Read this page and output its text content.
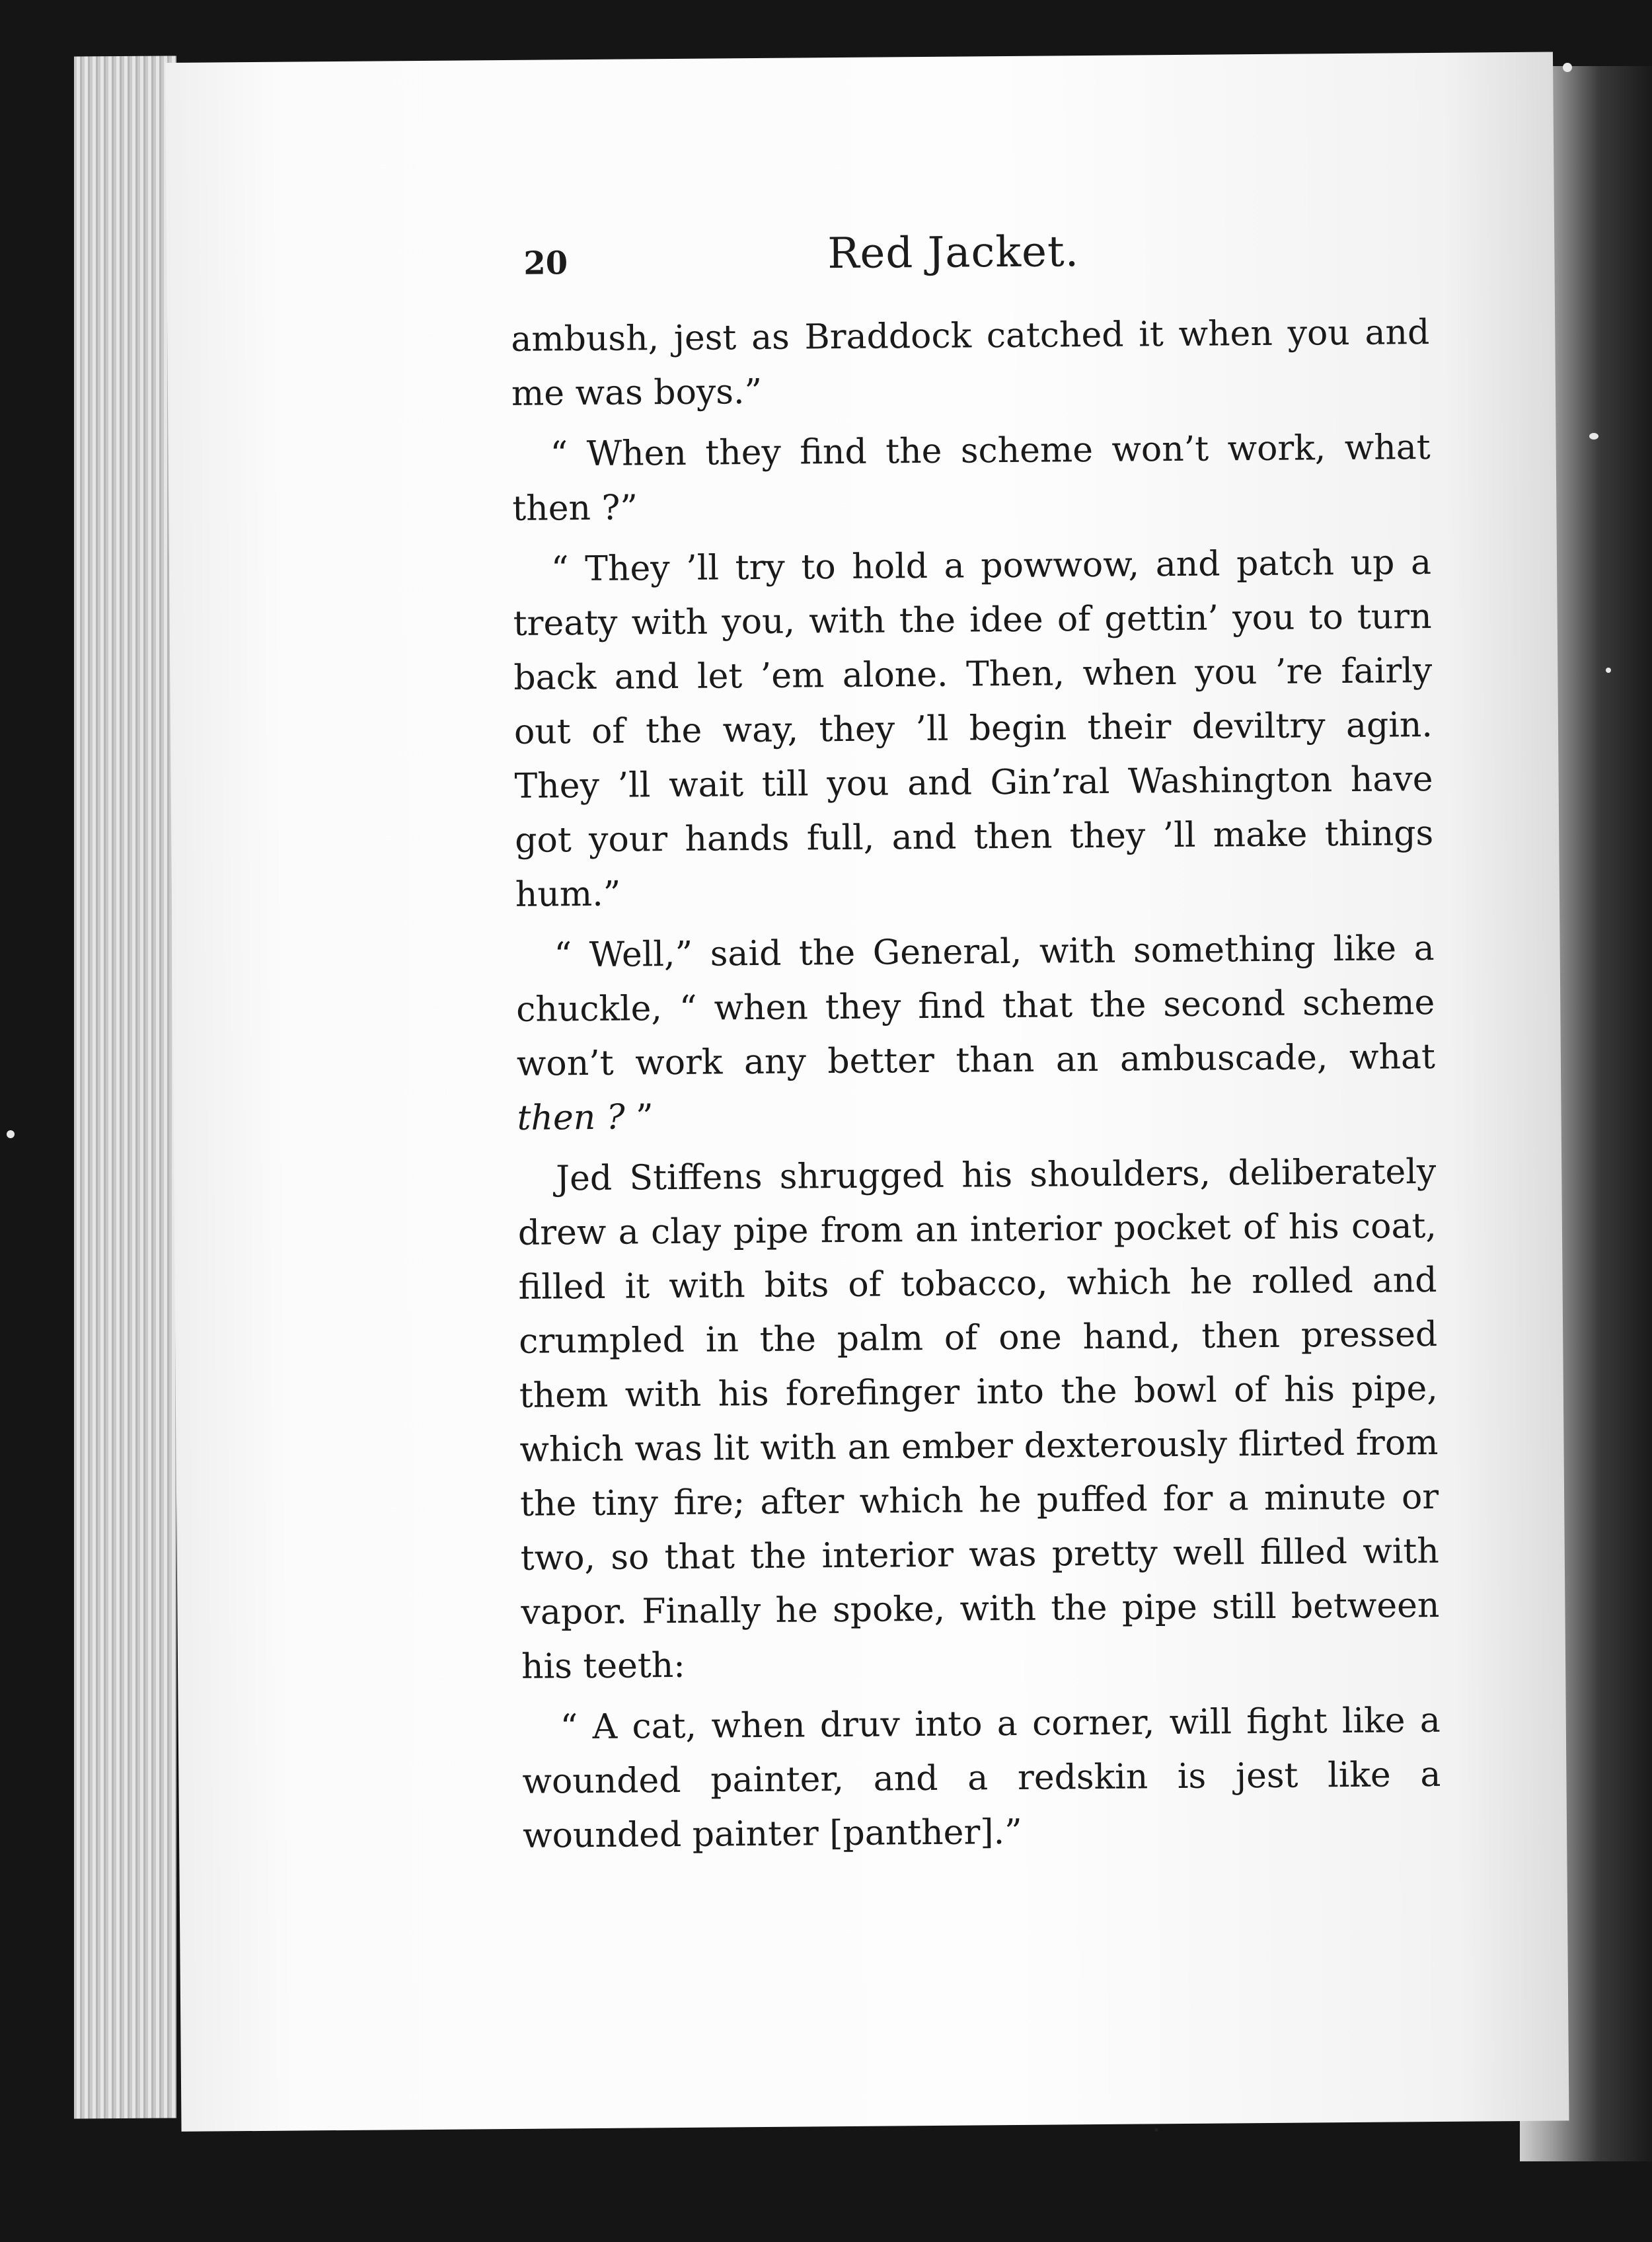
20	Red Jacket.

ambush, jest as Braddock catched it when you and me was boys.”

“ When they find the scheme won’t work, what then ?”

“ They ’ll try to hold a powwow, and patch up a treaty with you, with the idee of gettin’ you to turn back and let ’em alone. Then, when you ’re fairly out of the way, they ’ll begin their deviltry agin. They ’ll wait till you and Gin’ral Washington have got your hands full, and then they ’ll make things hum.”

“ Well,” said the General, with something like a chuckle, “ when they find that the second scheme won’t work any better than an ambuscade, what then ? ”

Jed Stiffens shrugged his shoulders, deliberately drew a clay pipe from an interior pocket of his coat, filled it with bits of tobacco, which he rolled and crumpled in the palm of one hand, then pressed them with his forefinger into the bowl of his pipe, which was lit with an ember dexterously flirted from the tiny fire; after which he puffed for a minute or two, so that the interior was pretty well filled with vapor. Finally he spoke, with the pipe still between his teeth:

“ A cat, when druv into a corner, will fight like a wounded painter, and a redskin is jest like a wounded painter [panther].”
